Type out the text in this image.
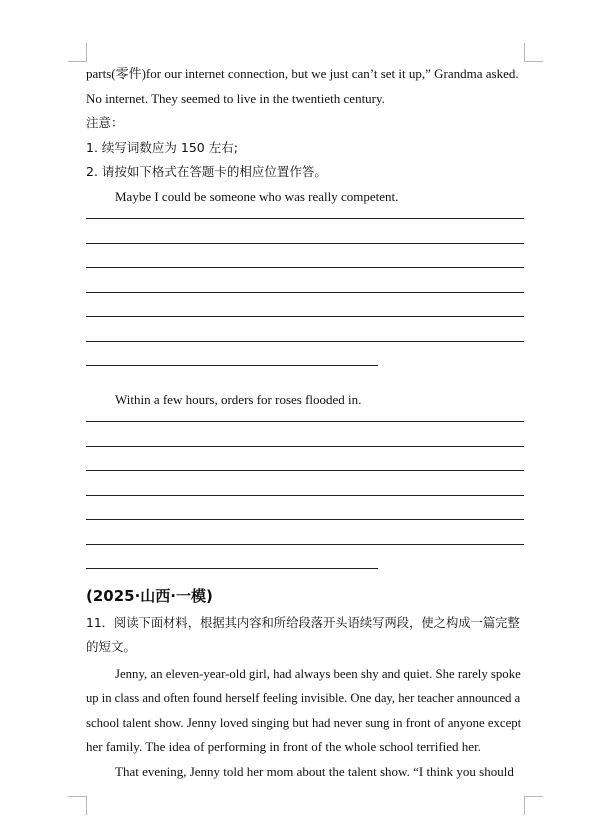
parts(零件)for our internet connection, but we just can’t set it up,” Grandma asked.

No internet. They seemed to live in the twentieth century.

注意：

1. 续写词数应为 150 左右;

2. 请按如下格式在答题卡的相应位置作答。

Maybe I could be someone who was really competent.

Within a few hours, orders for roses flooded in.

(2025·山西·一模)

11．阅读下面材料，根据其内容和所给段落开头语续写两段，使之构成一篇完整

的短文。

Jenny, an eleven-year-old girl, had always been shy and quiet. She rarely spoke

up in class and often found herself feeling invisible. One day, her teacher announced a

school talent show. Jenny loved singing but had never sung in front of anyone except

her family. The idea of performing in front of the whole school terrified her.

That evening, Jenny told her mom about the talent show. “I think you should
